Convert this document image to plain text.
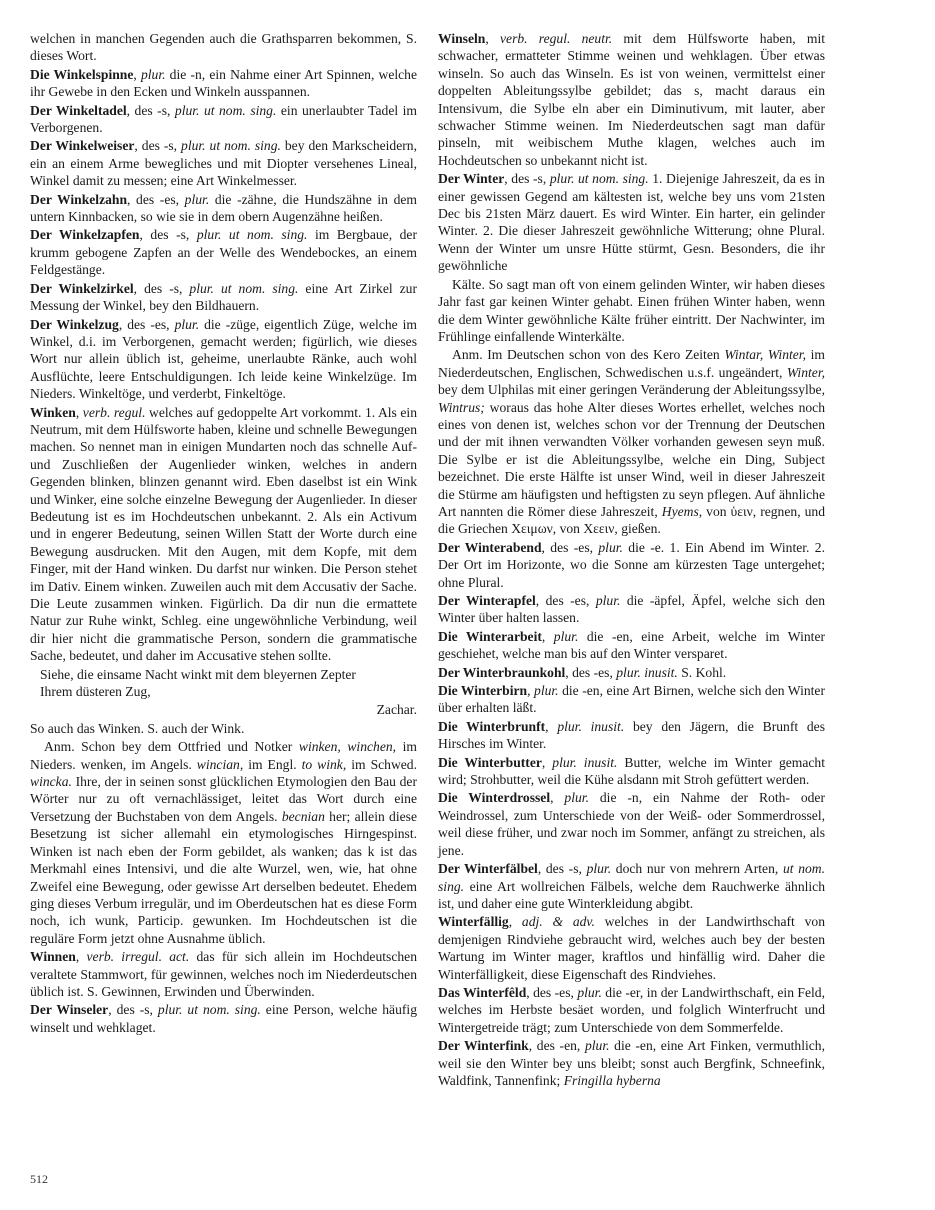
welchen in manchen Gegenden auch die Grathsparren bekommen, S. dieses Wort.
Die Winkelspinne, plur. die -n, ein Nahme einer Art Spinnen, welche ihr Gewebe in den Ecken und Winkeln ausspannen.
Der Winkeltadel, des -s, plur. ut nom. sing. ein unerlaubter Tadel im Verborgenen.
Der Winkelweiser, des -s, plur. ut nom. sing. bey den Markscheidern, ein an einem Arme bewegliches und mit Diopter versehenes Lineal, Winkel damit zu messen; eine Art Winkelmesser.
Der Winkelzahn, des -es, plur. die -zähne, die Hundszähne in dem untern Kinnbacken, so wie sie in dem obern Augenzähne heißen.
Der Winkelzapfen, des -s, plur. ut nom. sing. im Bergbaue, der krumm gebogene Zapfen an der Welle des Wendebockes, an einem Feldgestänge.
Der Winkelzirkel, des -s, plur. ut nom. sing. eine Art Zirkel zur Messung der Winkel, bey den Bildhauern.
Der Winkelzug, des -es, plur. die -züge, eigentlich Züge, welche im Winkel, d.i. im Verborgenen, gemacht werden; figürlich, wie dieses Wort nur allein üblich ist, geheime, unerlaubte Ränke, auch wohl Ausflüchte, leere Entschuldigungen. Ich leide keine Winkelzüge. Im Nieders. Winkeltöge, und verderbt, Finkeltöge.
Winken, verb. regul. welches auf gedoppelte Art vorkommt. 1. Als ein Neutrum, mit dem Hülfsworte haben, kleine und schnelle Bewegungen machen. So nennet man in einigen Mundarten noch das schnelle Auf- und Zuschließen der Augenlieder winken, welches in andern Gegenden blinken, blinzen genannt wird. Eben daselbst ist ein Wink und Winker, eine solche einzelne Bewegung der Augenlieder. In dieser Bedeutung ist es im Hochdeutschen unbekannt. 2. Als ein Activum und in engerer Bedeutung, seinen Willen Statt der Worte durch eine Bewegung ausdrucken. Mit den Augen, mit dem Kopfe, mit dem Finger, mit der Hand winken. Du darfst nur winken. Die Person stehet im Dativ. Einem winken. Zuweilen auch mit dem Accusativ der Sache. Die Leute zusammen winken. Figürlich. Da dir nun die ermattete Natur zur Ruhe winkt, Schleg. eine ungewöhnliche Verbindung, weil dir hier nicht die grammatische Person, sondern die grammatische Sache, bedeutet, und daher im Accusative stehen sollte.
Siehe, die einsame Nacht winkt mit dem bleyernen Zepter
Ihrem düsteren Zug,
Zachar.
So auch das Winken. S. auch der Wink.
Anm. Schon bey dem Ottfried und Notker winken, winchen, im Nieders. wenken, im Angels. wincian, im Engl. to wink, im Schwed. wincka. Ihre, der in seinen sonst glücklichen Etymologien den Bau der Wörter nur zu oft vernachlässiget, leitet das Wort durch eine Versetzung der Buchstaben von dem Angels. becnian her; allein diese Besetzung ist sicher allemahl ein etymologisches Hirngespinst. Winken ist nach eben der Form gebildet, als wanken; das k ist das Merkmahl eines Intensivi, und die alte Wurzel, wen, wie, hat ohne Zweifel eine Bewegung, oder gewisse Art derselben bedeutet. Ehedem ging dieses Verbum irregulär, und im Oberdeutschen hat es diese Form noch, ich wunk, Particip. gewunken. Im Hochdeutschen ist die reguläre Form jetzt ohne Ausnahme üblich.
Winnen, verb. irregul. act. das für sich allein im Hochdeutschen veraltete Stammwort, für gewinnen, welches noch im Niederdeutschen üblich ist. S. Gewinnen, Erwinden und Überwinden.
Der Winseler, des -s, plur. ut nom. sing. eine Person, welche häufig winselt und wehklaget.
Winseln, verb. regul. neutr. mit dem Hülfsworte haben, mit schwacher, ermatteter Stimme weinen und wehklagen. Über etwas winseln. So auch das Winseln. Es ist von weinen, vermittelst einer doppelten Ableitungssylbe gebildet; das s, macht daraus ein Intensivum, die Sylbe eln aber ein Diminutivum, mit lauter, aber schwacher Stimme weinen. Im Niederdeutschen sagt man dafür pinseln, mit weibischem Muthe klagen, welches auch im Hochdeutschen so unbekannt nicht ist.
Der Winter, des -s, plur. ut nom. sing. 1. Diejenige Jahreszeit, da es in einer gewissen Gegend am kältesten ist, welche bey uns vom 21sten Dec bis 21sten März dauert. Es wird Winter. Ein harter, ein gelinder Winter. 2. Die dieser Jahreszeit gewöhnliche Witterung; ohne Plural. Wenn der Winter um unsre Hütte stürmt, Gesn. Besonders, die ihr gewöhnliche
Kälte. So sagt man oft von einem gelinden Winter, wir haben dieses Jahr fast gar keinen Winter gehabt. Einen frühen Winter haben, wenn die dem Winter gewöhnliche Kälte früher eintritt. Der Nachwinter, im Frühlinge einfallende Winterkälte.
Anm. Im Deutschen schon von des Kero Zeiten Wintar, Winter, im Niederdeutschen, Englischen, Schwedischen u.s.f. ungeändert, Winter, bey dem Ulphilas mit einer geringen Veränderung der Ableitungssylbe, Wintrus; woraus das hohe Alter dieses Wortes erhellet, welches noch eines von denen ist, welches schon vor der Trennung der Deutschen und der mit ihnen verwandten Völker vorhanden gewesen seyn muß. Die Sylbe er ist die Ableitungssylbe, welche ein Ding, Subject bezeichnet. Die erste Hälfte ist unser Wind, weil in dieser Jahreszeit die Stürme am häufigsten und heftigsten zu seyn pflegen. Auf ähnliche Art nannten die Römer diese Jahreszeit, Hyems, von ὑειν, regnen, und die Griechen Χειμων, von Χεειν, gießen.
Der Winterabend, des -es, plur. die -e. 1. Ein Abend im Winter. 2. Der Ort im Horizonte, wo die Sonne am kürzesten Tage untergehet; ohne Plural.
Der Winterapfel, des -es, plur. die -äpfel, Äpfel, welche sich den Winter über halten lassen.
Die Winterarbeit, plur. die -en, eine Arbeit, welche im Winter geschiehet, welche man bis auf den Winter versparet.
Der Winterbraunkohl, des -es, plur. inusit. S. Kohl.
Die Winterbirn, plur. die -en, eine Art Birnen, welche sich den Winter über erhalten läßt.
Die Winterbrunft, plur. inusit. bey den Jägern, die Brunft des Hirsches im Winter.
Die Winterbutter, plur. inusit. Butter, welche im Winter gemacht wird; Strohbutter, weil die Kühe alsdann mit Stroh gefüttert werden.
Die Winterdrossel, plur. die -n, ein Nahme der Roth- oder Weindrossel, zum Unterschiede von der Weiß- oder Sommerdrossel, weil diese früher, und zwar noch im Sommer, anfängt zu streichen, als jene.
Der Winterfälbel, des -s, plur. doch nur von mehrern Arten, ut nom. sing. eine Art wollreichen Fälbels, welche dem Rauchwerke ähnlich ist, und daher eine gute Winterkleidung abgibt.
Winterfällig, adj. & adv. welches in der Landwirthschaft von demjenigen Rindviehe gebraucht wird, welches auch bey der besten Wartung im Winter mager, kraftlos und hinfällig wird. Daher die Winterfälligkeit, diese Eigenschaft des Rindviehes.
Das Winterfêld, des -es, plur. die -er, in der Landwirthschaft, ein Feld, welches im Herbste besäet worden, und folglich Winterfrucht und Wintergetreide trägt; zum Unterschiede von dem Sommerfelde.
Der Winterfink, des -en, plur. die -en, eine Art Finken, vermuthlich, weil sie den Winter bey uns bleibt; sonst auch Bergfink, Schneefink, Waldfink, Tannenfink; Fringilla hyberna
512
